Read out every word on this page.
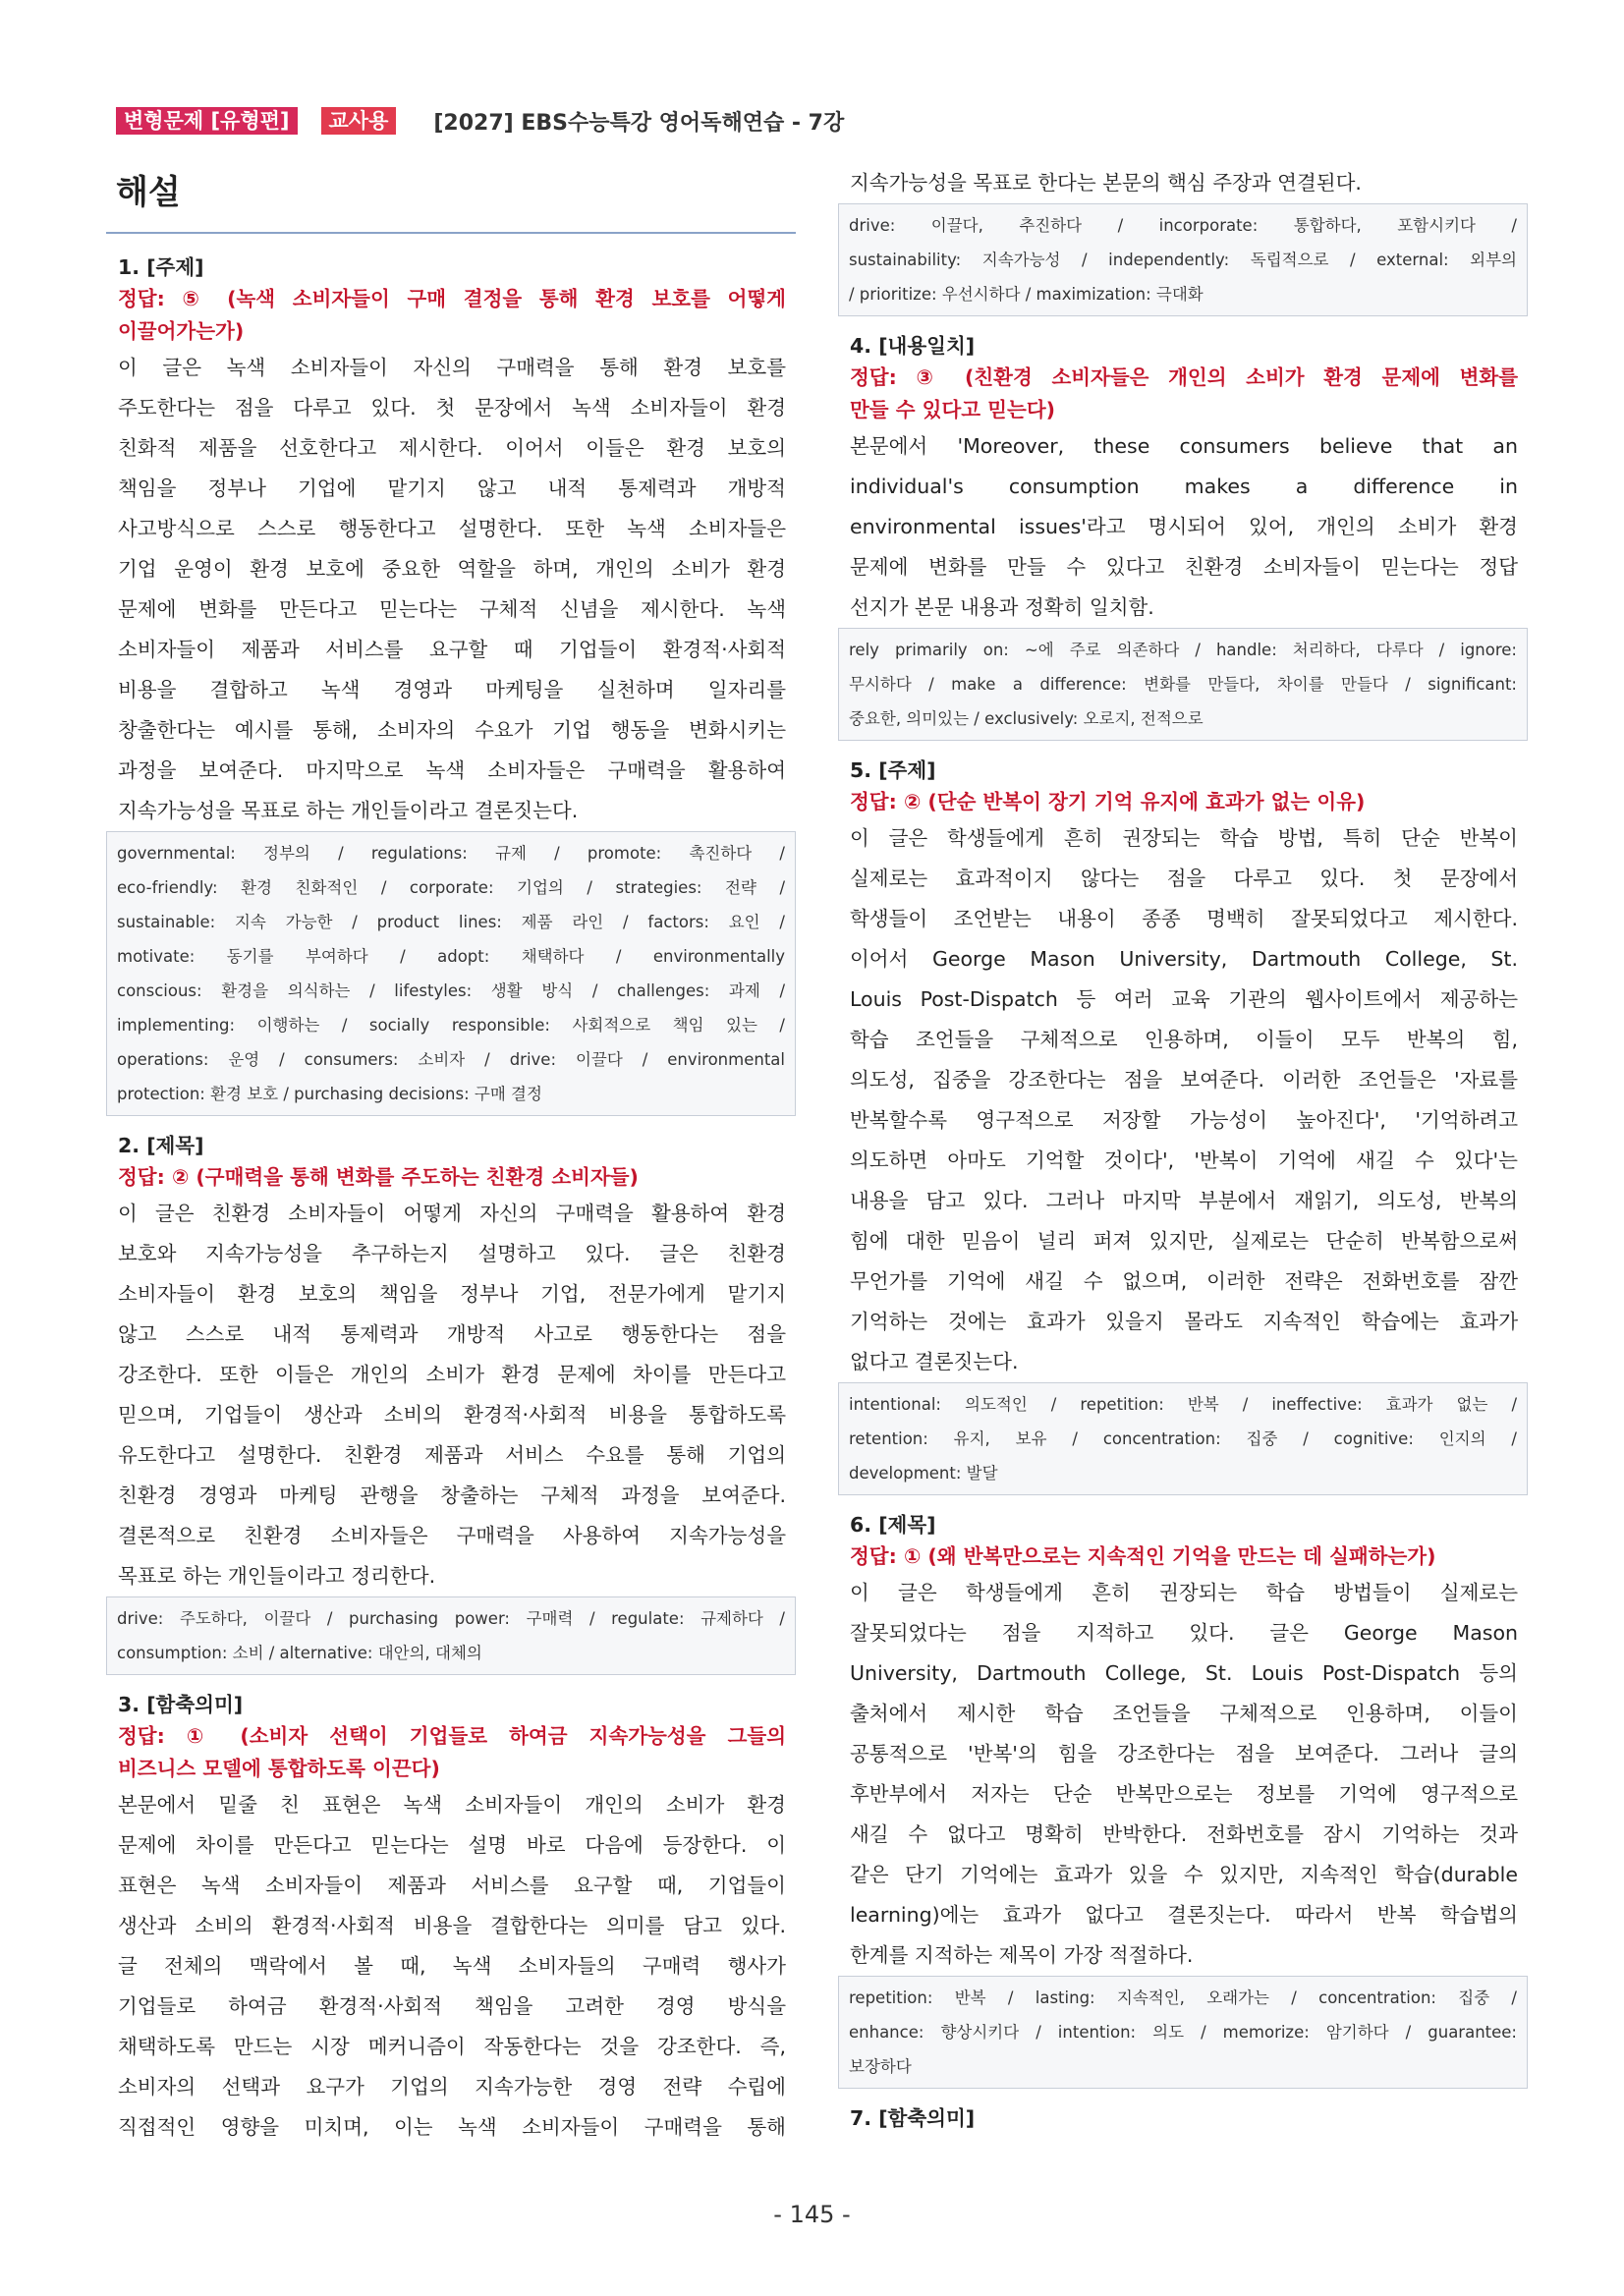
변형문제 [유형편]	교사용	[2027] EBS수능특강 영어독해연습 - 7강
해설

1. [주제]

정답: ⑤ (녹색 소비자들이 구매 결정을 통해 환경 보호를 어떻게

이끌어가는가)

이 글은 녹색 소비자들이 자신의 구매력을 통해 환경 보호를

주도한다는 점을 다루고 있다. 첫 문장에서 녹색 소비자들이 환경

친화적 제품을 선호한다고 제시한다. 이어서 이들은 환경 보호의

책임을 정부나 기업에 맡기지 않고 내적 통제력과 개방적

사고방식으로 스스로 행동한다고 설명한다. 또한 녹색 소비자들은

기업 운영이 환경 보호에 중요한 역할을 하며, 개인의 소비가 환경

문제에 변화를 만든다고 믿는다는 구체적 신념을 제시한다. 녹색

소비자들이 제품과 서비스를 요구할 때 기업들이 환경적·사회적

비용을 결합하고 녹색 경영과 마케팅을 실천하며 일자리를

창출한다는 예시를 통해, 소비자의 수요가 기업 행동을 변화시키는

과정을 보여준다. 마지막으로 녹색 소비자들은 구매력을 활용하여

지속가능성을 목표로 하는 개인들이라고 결론짓는다.

governmental: 정부의 / regulations: 규제 / promote: 촉진하다 /
eco-friendly: 환경 친화적인 / corporate: 기업의 / strategies: 전략 /
sustainable: 지속 가능한 / product lines: 제품 라인 / factors: 요인 /
motivate: 동기를 부여하다 / adopt: 채택하다 / environmentally
conscious: 환경을 의식하는 / lifestyles: 생활 방식 / challenges: 과제 /
implementing: 이행하는 / socially responsible: 사회적으로 책임 있는 /
operations: 운영 / consumers: 소비자 / drive: 이끌다 / environmental
protection: 환경 보호 / purchasing decisions: 구매 결정

2. [제목]

정답: ② (구매력을 통해 변화를 주도하는 친환경 소비자들)

이 글은 친환경 소비자들이 어떻게 자신의 구매력을 활용하여 환경

보호와 지속가능성을 추구하는지 설명하고 있다. 글은 친환경

소비자들이 환경 보호의 책임을 정부나 기업, 전문가에게 맡기지

않고 스스로 내적 통제력과 개방적 사고로 행동한다는 점을

강조한다. 또한 이들은 개인의 소비가 환경 문제에 차이를 만든다고

믿으며, 기업들이 생산과 소비의 환경적·사회적 비용을 통합하도록

유도한다고 설명한다. 친환경 제품과 서비스 수요를 통해 기업의

친환경 경영과 마케팅 관행을 창출하는 구체적 과정을 보여준다.

결론적으로 친환경 소비자들은 구매력을 사용하여 지속가능성을

목표로 하는 개인들이라고 정리한다.

drive: 주도하다, 이끌다 / purchasing power: 구매력 / regulate: 규제하다 /
consumption: 소비 / alternative: 대안의, 대체의

3. [함축의미]

정답: ① (소비자 선택이 기업들로 하여금 지속가능성을 그들의

비즈니스 모델에 통합하도록 이끈다)

본문에서 밑줄 친 표현은 녹색 소비자들이 개인의 소비가 환경

문제에 차이를 만든다고 믿는다는 설명 바로 다음에 등장한다. 이

표현은 녹색 소비자들이 제품과 서비스를 요구할 때, 기업들이

생산과 소비의 환경적·사회적 비용을 결합한다는 의미를 담고 있다.

글 전체의 맥락에서 볼 때, 녹색 소비자들의 구매력 행사가

기업들로 하여금 환경적·사회적 책임을 고려한 경영 방식을

채택하도록 만드는 시장 메커니즘이 작동한다는 것을 강조한다. 즉,

소비자의 선택과 요구가 기업의 지속가능한 경영 전략 수립에

직접적인 영향을 미치며, 이는 녹색 소비자들이 구매력을 통해

지속가능성을 목표로 한다는 본문의 핵심 주장과 연결된다.

drive: 이끌다, 추진하다 / incorporate: 통합하다, 포함시키다 /
sustainability: 지속가능성 / independently: 독립적으로 / external: 외부의
/ prioritize: 우선시하다 / maximization: 극대화

4. [내용일치]

정답: ③ (친환경 소비자들은 개인의 소비가 환경 문제에 변화를

만들 수 있다고 믿는다)

본문에서 'Moreover, these consumers believe that an

individual's consumption makes a difference in

environmental issues'라고 명시되어 있어, 개인의 소비가 환경

문제에 변화를 만들 수 있다고 친환경 소비자들이 믿는다는 정답

선지가 본문 내용과 정확히 일치함.

rely primarily on: ~에 주로 의존하다 / handle: 처리하다, 다루다 / ignore:
무시하다 / make a difference: 변화를 만들다, 차이를 만들다 / significant:
중요한, 의미있는 / exclusively: 오로지, 전적으로

5. [주제]

정답: ② (단순 반복이 장기 기억 유지에 효과가 없는 이유)

이 글은 학생들에게 흔히 권장되는 학습 방법, 특히 단순 반복이

실제로는 효과적이지 않다는 점을 다루고 있다. 첫 문장에서

학생들이 조언받는 내용이 종종 명백히 잘못되었다고 제시한다.

이어서 George Mason University, Dartmouth College, St.

Louis Post-Dispatch 등 여러 교육 기관의 웹사이트에서 제공하는

학습 조언들을 구체적으로 인용하며, 이들이 모두 반복의 힘,

의도성, 집중을 강조한다는 점을 보여준다. 이러한 조언들은 '자료를

반복할수록 영구적으로 저장할 가능성이 높아진다', '기억하려고

의도하면 아마도 기억할 것이다', '반복이 기억에 새길 수 있다'는

내용을 담고 있다. 그러나 마지막 부분에서 재읽기, 의도성, 반복의

힘에 대한 믿음이 널리 퍼져 있지만, 실제로는 단순히 반복함으로써

무언가를 기억에 새길 수 없으며, 이러한 전략은 전화번호를 잠깐

기억하는 것에는 효과가 있을지 몰라도 지속적인 학습에는 효과가

없다고 결론짓는다.

intentional: 의도적인 / repetition: 반복 / ineffective: 효과가 없는 /
retention: 유지, 보유 / concentration: 집중 / cognitive: 인지의 /
development: 발달

6. [제목]

정답: ① (왜 반복만으로는 지속적인 기억을 만드는 데 실패하는가)

이 글은 학생들에게 흔히 권장되는 학습 방법들이 실제로는

잘못되었다는 점을 지적하고 있다. 글은 George Mason

University, Dartmouth College, St. Louis Post-Dispatch 등의

출처에서 제시한 학습 조언들을 구체적으로 인용하며, 이들이

공통적으로 '반복'의 힘을 강조한다는 점을 보여준다. 그러나 글의

후반부에서 저자는 단순 반복만으로는 정보를 기억에 영구적으로

새길 수 없다고 명확히 반박한다. 전화번호를 잠시 기억하는 것과

같은 단기 기억에는 효과가 있을 수 있지만, 지속적인 학습(durable

learning)에는 효과가 없다고 결론짓는다. 따라서 반복 학습법의

한계를 지적하는 제목이 가장 적절하다.

repetition: 반복 / lasting: 지속적인, 오래가는 / concentration: 집중 /
enhance: 향상시키다 / intention: 의도 / memorize: 암기하다 / guarantee:
보장하다

7. [함축의미]

- 145 -
